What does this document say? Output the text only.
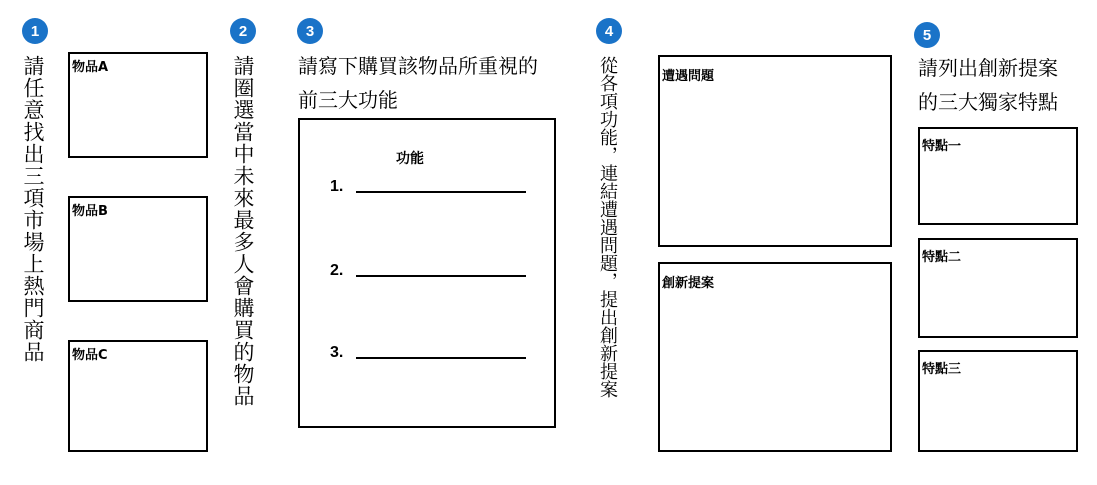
1
請任意找出三項市場上熱門商品 物品A
物品B
物品C
2
請圈選當中未來最多人會購買的物品
3
請寫下購買該物品所重視的
前三大功能
功能
1.
2.
3.
4
從各項功能，連結遭遇問題，提出創新提案	遭遇問題
創新提案
5
請列出創新提案
的三大獨家特點
特點一
特點二
特點三
